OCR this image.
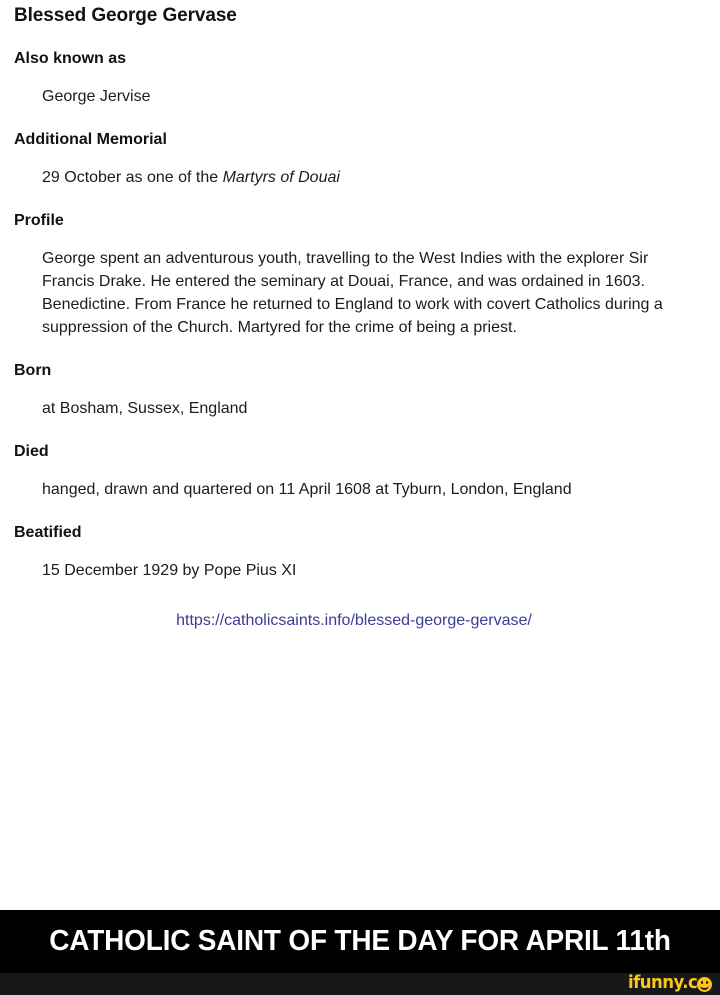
Blessed George Gervase
Also known as
George Jervise
Additional Memorial
29 October as one of the Martyrs of Douai
Profile
George spent an adventurous youth, travelling to the West Indies with the explorer Sir Francis Drake. He entered the seminary at Douai, France, and was ordained in 1603. Benedictine. From France he returned to England to work with covert Catholics during a suppression of the Church. Martyred for the crime of being a priest.
Born
at Bosham, Sussex, England
Died
hanged, drawn and quartered on 11 April 1608 at Tyburn, London, England
Beatified
15 December 1929 by Pope Pius XI
https://catholicsaints.info/blessed-george-gervase/
CATHOLIC SAINT OF THE DAY FOR APRIL 11th
ifunny.c
